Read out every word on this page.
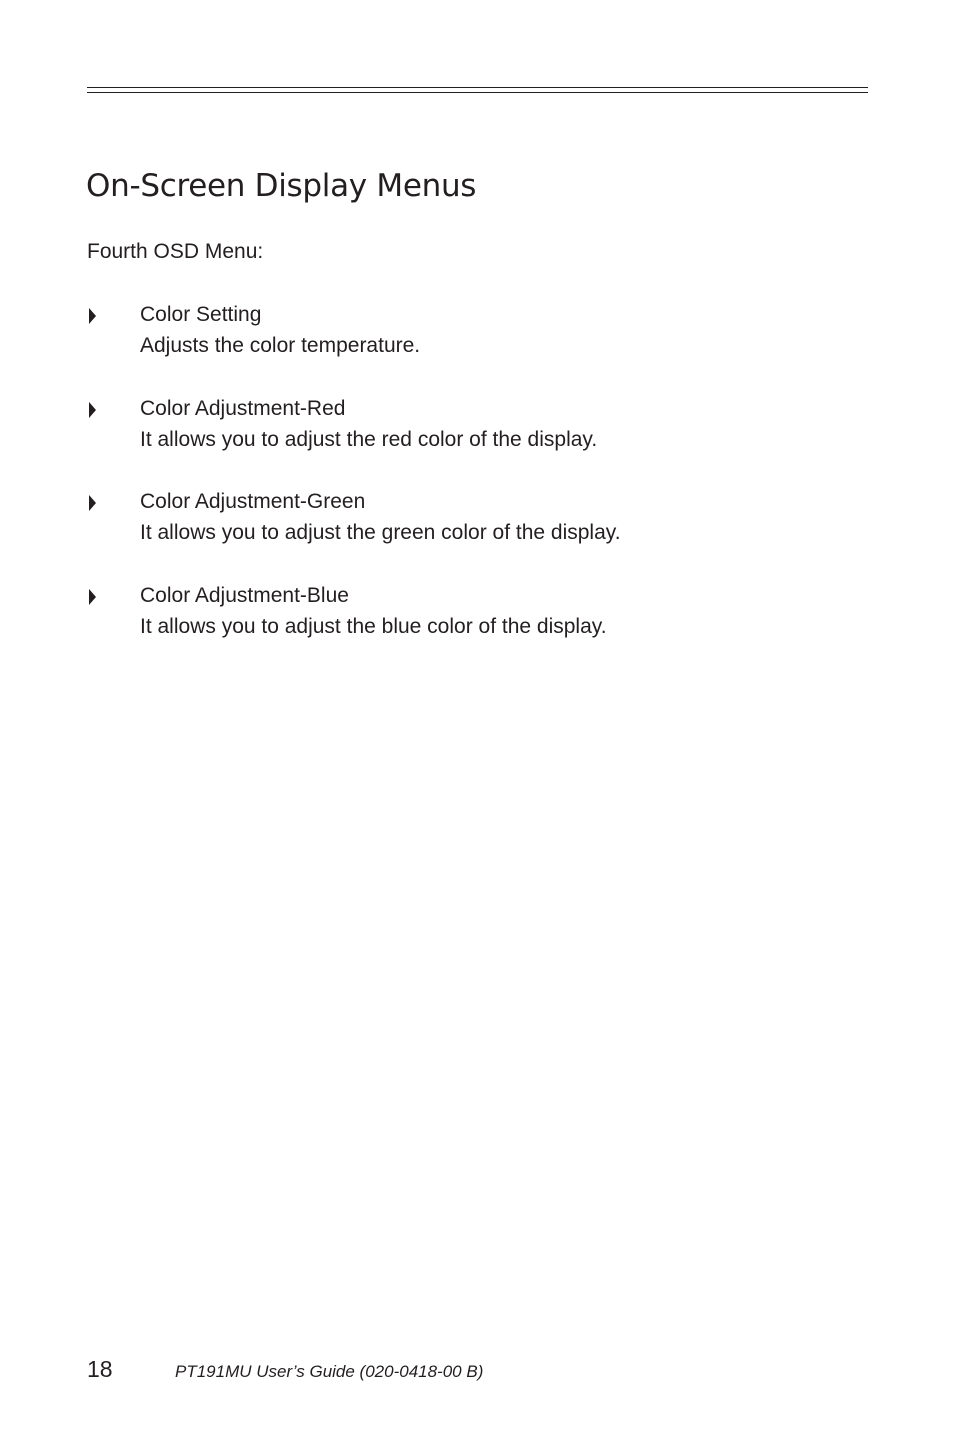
On-Screen Display Menus
Fourth OSD Menu:
Color Setting
Adjusts the color temperature.
Color Adjustment-Red
It allows you to adjust the red color of the display.
Color Adjustment-Green
It allows you to adjust the green color of the display.
Color Adjustment-Blue
It allows you to adjust the blue color of the display.
18	PT191MU User’s Guide (020-0418-00 B)
